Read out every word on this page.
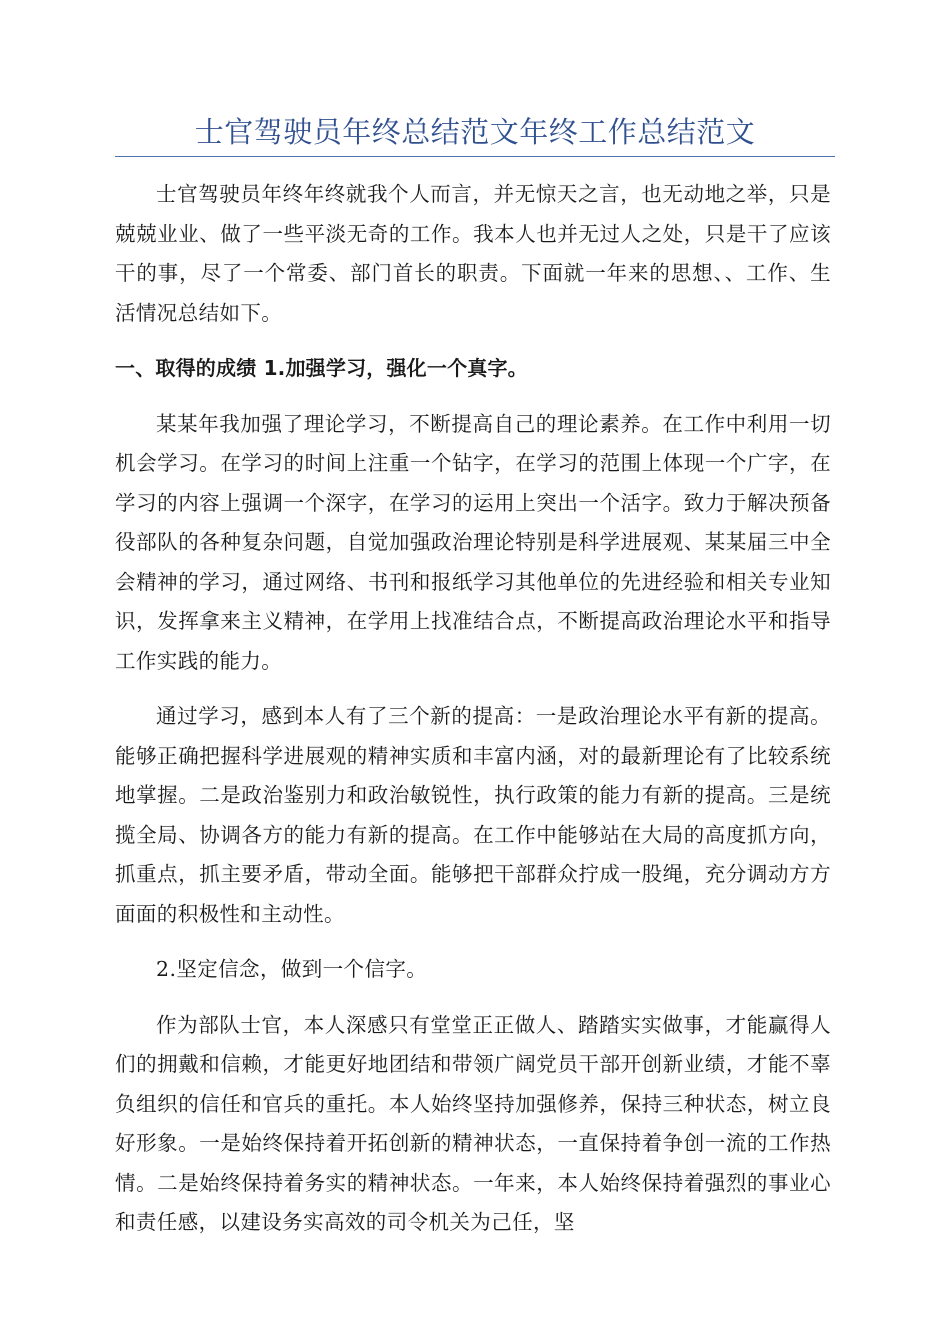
士官驾驶员年终总结范文年终工作总结范文

士官驾驶员年终年终就我个人而言，并无惊天之言，也无动地之举，只是兢兢业业、做了一些平淡无奇的工作。我本人也并无过人之处，只是干了应该干的事，尽了一个常委、部门首长的职责。下面就一年来的思想、、工作、生活情况总结如下。

一、取得的成绩 1.加强学习，强化一个真字。

某某年我加强了理论学习，不断提高自己的理论素养。在工作中利用一切机会学习。在学习的时间上注重一个钻字，在学习的范围上体现一个广字，在学习的内容上强调一个深字，在学习的运用上突出一个活字。致力于解决预备役部队的各种复杂问题，自觉加强政治理论特别是科学进展观、某某届三中全会精神的学习，通过网络、书刊和报纸学习其他单位的先进经验和相关专业知识，发挥拿来主义精神，在学用上找准结合点，不断提高政治理论水平和指导工作实践的能力。

通过学习，感到本人有了三个新的提高：一是政治理论水平有新的提高。能够正确把握科学进展观的精神实质和丰富内涵，对的最新理论有了比较系统地掌握。二是政治鉴别力和政治敏锐性，执行政策的能力有新的提高。三是统揽全局、协调各方的能力有新的提高。在工作中能够站在大局的高度抓方向，抓重点，抓主要矛盾，带动全面。能够把干部群众拧成一股绳，充分调动方方面面的积极性和主动性。

2.坚定信念，做到一个信字。

作为部队士官，本人深感只有堂堂正正做人、踏踏实实做事，才能赢得人们的拥戴和信赖，才能更好地团结和带领广阔党员干部开创新业绩，才能不辜负组织的信任和官兵的重托。本人始终坚持加强修养，保持三种状态，树立良好形象。一是始终保持着开拓创新的精神状态，一直保持着争创一流的工作热情。二是始终保持着务实的精神状态。一年来，本人始终保持着强烈的事业心和责任感，以建设务实高效的司令机关为己任，坚
